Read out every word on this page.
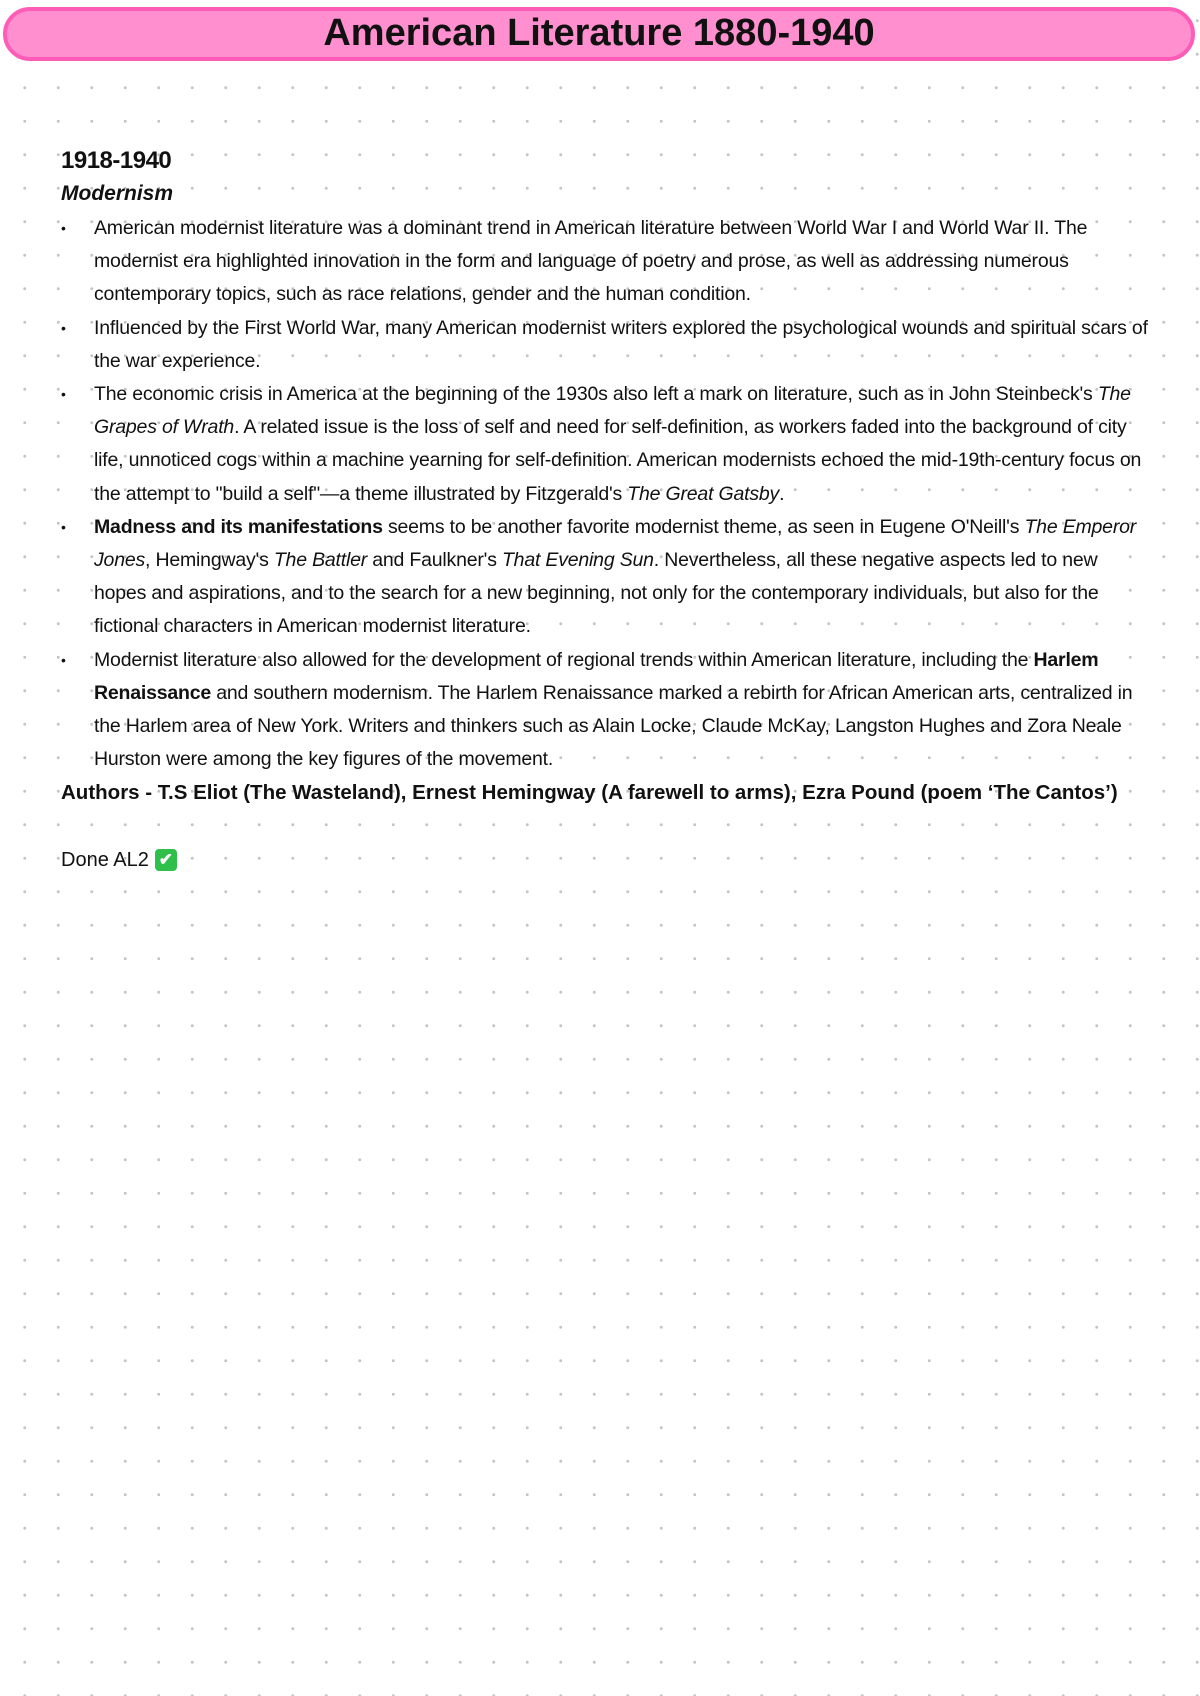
American Literature 1880-1940
1918-1940
Modernism
•	American modernist literature was a dominant trend in American literature between World War I and World War II. The modernist era highlighted innovation in the form and language of poetry and prose, as well as addressing numerous contemporary topics, such as race relations, gender and the human condition.
•	Influenced by the First World War, many American modernist writers explored the psychological wounds and spiritual scars of the war experience.
•	The economic crisis in America at the beginning of the 1930s also left a mark on literature, such as in John Steinbeck's The Grapes of Wrath. A related issue is the loss of self and need for self-definition, as workers faded into the background of city life, unnoticed cogs within a machine yearning for self-definition. American modernists echoed the mid-19th-century focus on the attempt to "build a self"—a theme illustrated by Fitzgerald's The Great Gatsby.
•	Madness and its manifestations seems to be another favorite modernist theme, as seen in Eugene O'Neill's The Emperor Jones, Hemingway's The Battler and Faulkner's That Evening Sun. Nevertheless, all these negative aspects led to new hopes and aspirations, and to the search for a new beginning, not only for the contemporary individuals, but also for the fictional characters in American modernist literature.
•	Modernist literature also allowed for the development of regional trends within American literature, including the Harlem Renaissance and southern modernism. The Harlem Renaissance marked a rebirth for African American arts, centralized in the Harlem area of New York. Writers and thinkers such as Alain Locke, Claude McKay, Langston Hughes and Zora Neale Hurston were among the key figures of the movement.

Authors - T.S Eliot (The Wasteland), Ernest Hemingway (A farewell to arms), Ezra Pound (poem ‘The Cantos’)

Done AL2 ✔
